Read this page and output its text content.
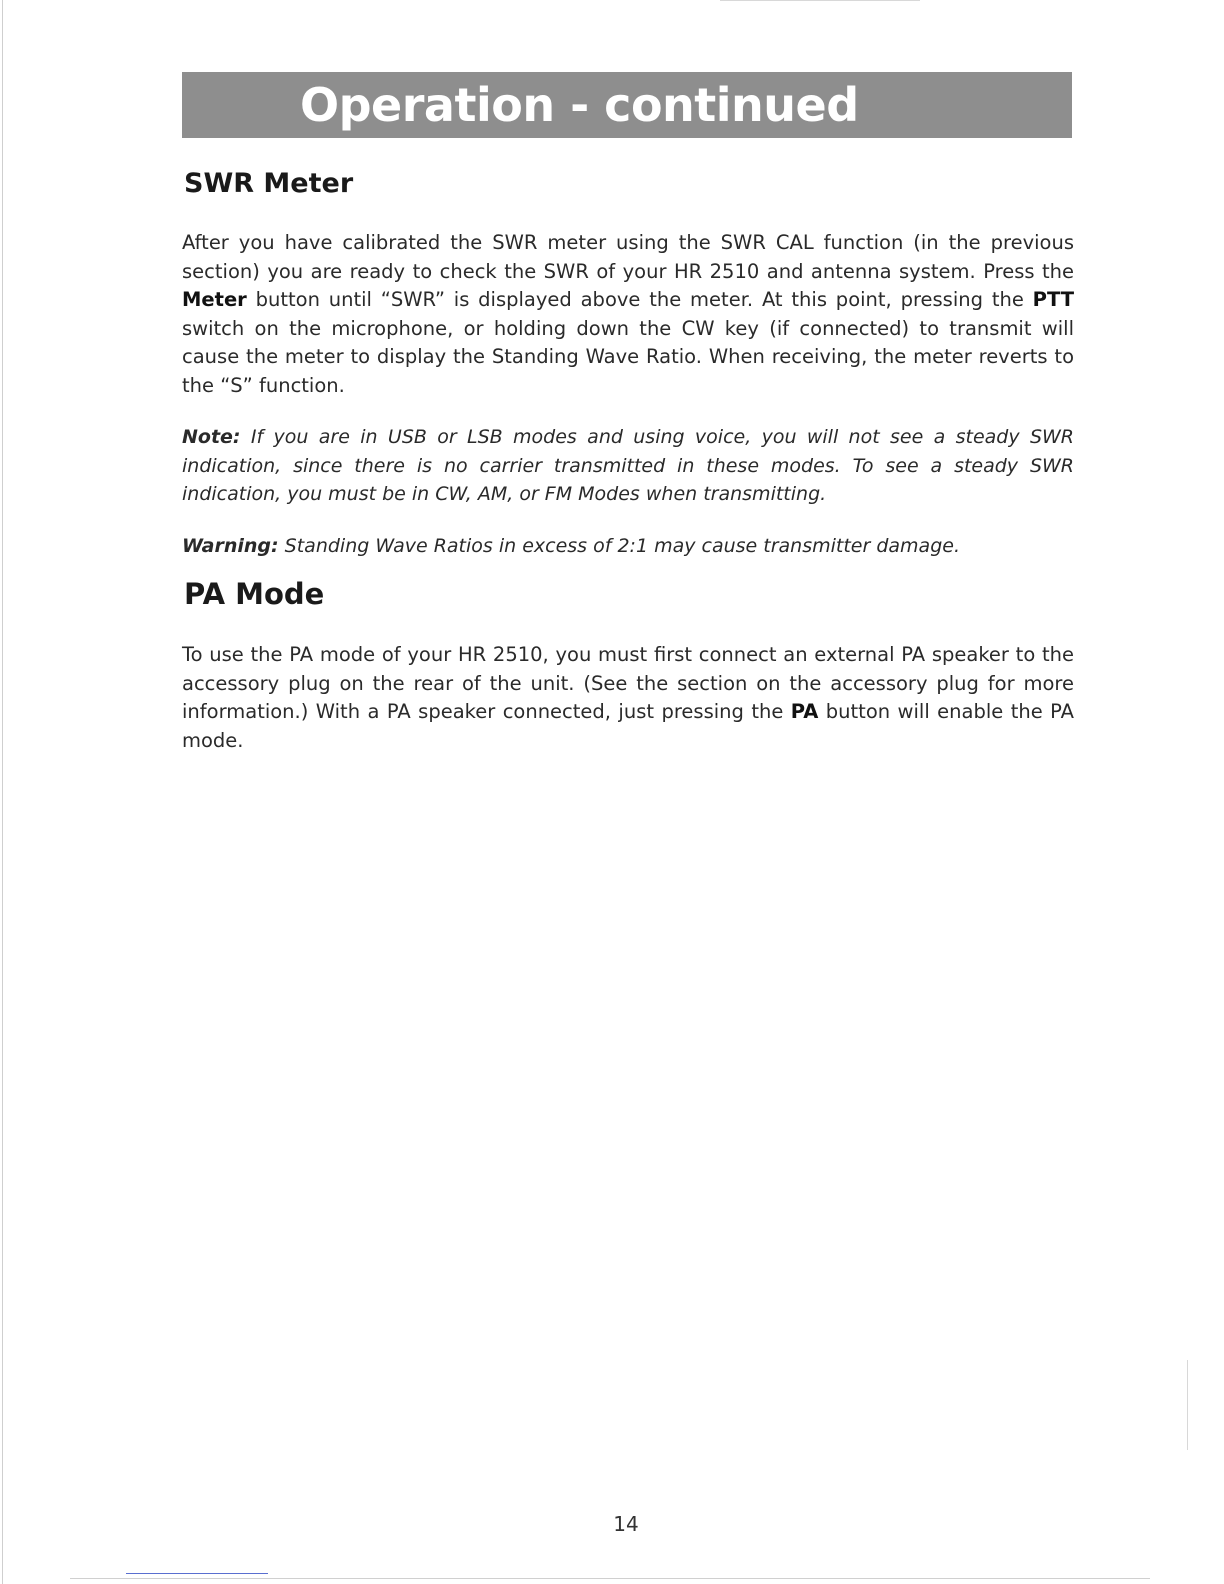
Operation - continued
SWR Meter

After you have calibrated the SWR meter using the SWR CAL function (in the previous section) you are ready to check the SWR of your HR 2510 and antenna system. Press the Meter button until “SWR” is displayed above the meter. At this point, pressing the PTT switch on the microphone, or holding down the CW key (if connected) to transmit will cause the meter to display the Standing Wave Ratio. When receiving, the meter reverts to the “S” function.

Note: If you are in USB or LSB modes and using voice, you will not see a steady SWR indication, since there is no carrier transmitted in these modes. To see a steady SWR indication, you must be in CW, AM, or FM Modes when transmitting.

Warning: Standing Wave Ratios in excess of 2:1 may cause transmitter damage.

PA Mode

To use the PA mode of your HR 2510, you must first connect an external PA speaker to the accessory plug on the rear of the unit. (See the section on the accessory plug for more information.) With a PA speaker connected, just pressing the PA button will enable the PA mode.

14
